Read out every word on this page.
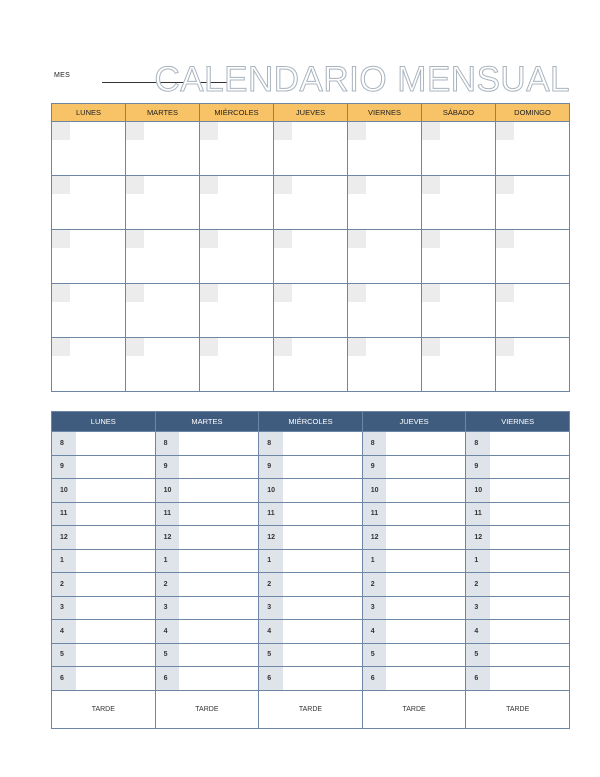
MES CALENDARIO MENSUAL
LUNES	MARTES	MIÉRCOLES	JUEVES	VIERNES	SÁBADO	DOMINGO

LUNES		MARTES		MIÉRCOLES		JUEVES		VIERNES	
8		8		8		8		8	
9		9		9		9		9	
10		10		10		10		10	
11		11		11		11		11	
12		12		12		12		12	
1		1		1		1		1	
2		2		2		2		2	
3		3		3		3		3	
4		4		4		4		4	
5		5		5		5		5	
6		6		6		6		6	
TARDE		TARDE		TARDE		TARDE		TARDE	
